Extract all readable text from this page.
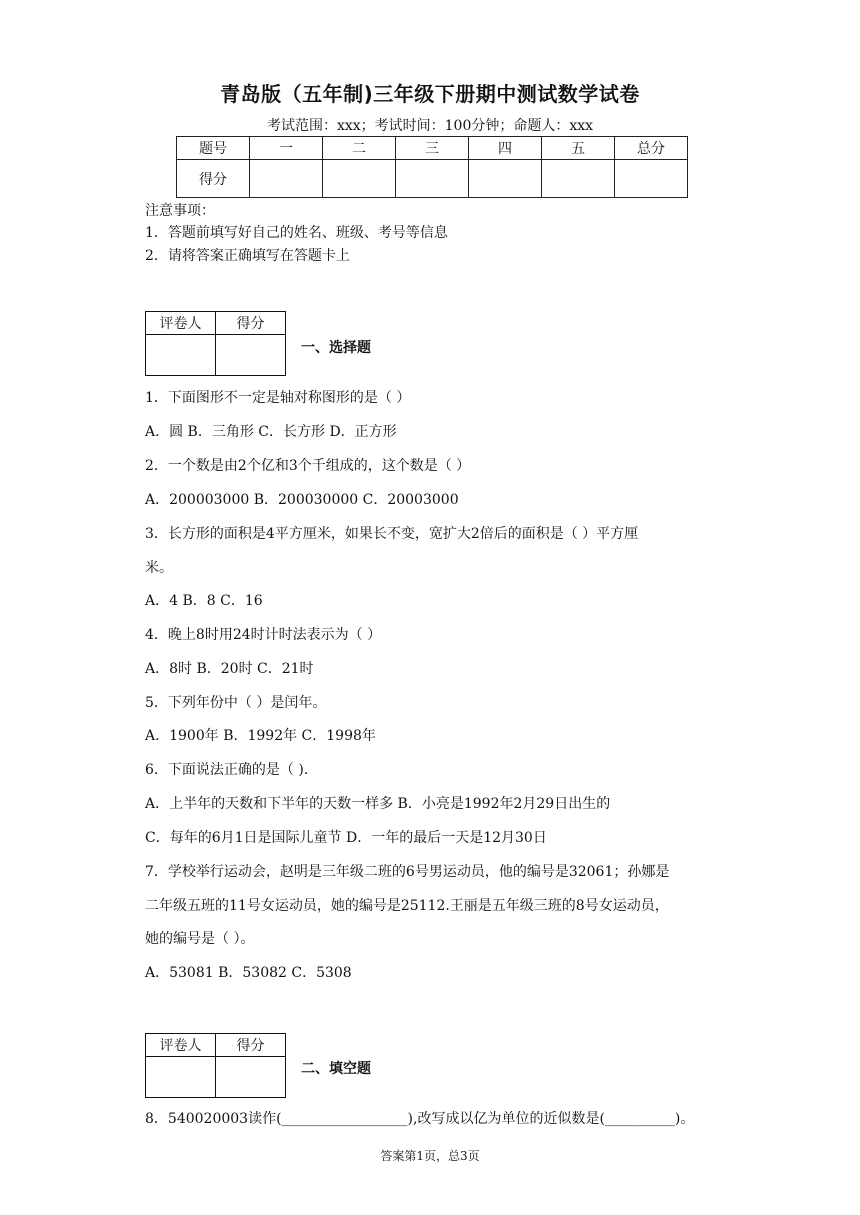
青岛版（五年制)三年级下册期中测试数学试卷
考试范围：xxx；考试时间：100分钟；命题人：xxx
题号	一	二	三	四	五	总分
得分						
注意事项：
1．答题前填写好自己的姓名、班级、考号等信息
2．请将答案正确填写在答题卡上
评卷人	得分

一、选择题
1．下面图形不一定是轴对称图形的是（ ）
A．圆 B．三角形 C．长方形 D．正方形
2．一个数是由2个亿和3个千组成的，这个数是（ ）
A．200003000 B．200030000 C．20003000
3．长方形的面积是4平方厘米，如果长不变，宽扩大2倍后的面积是（ ）平方厘
米。
A．4 B．8 C．16
4．晚上8时用24时计时法表示为（ ）
A．8时 B．20时 C．21时
5．下列年份中（ ）是闰年。
A．1900年 B．1992年 C．1998年
6．下面说法正确的是（ ).
A．上半年的天数和下半年的天数一样多 B．小亮是1992年2月29日出生的
C．每年的6月1日是国际儿童节 D．一年的最后一天是12月30日
7．学校举行运动会，赵明是三年级二班的6号男运动员，他的编号是32061；孙娜是
二年级五班的11号女运动员，她的编号是25112.王丽是五年级三班的8号女运动员，
她的编号是（ ）。
A．53081 B．53082 C．5308
评卷人	得分

二、填空题
8．540020003读作(__________________),改写成以亿为单位的近似数是(__________)。
答案第1页，总3页
